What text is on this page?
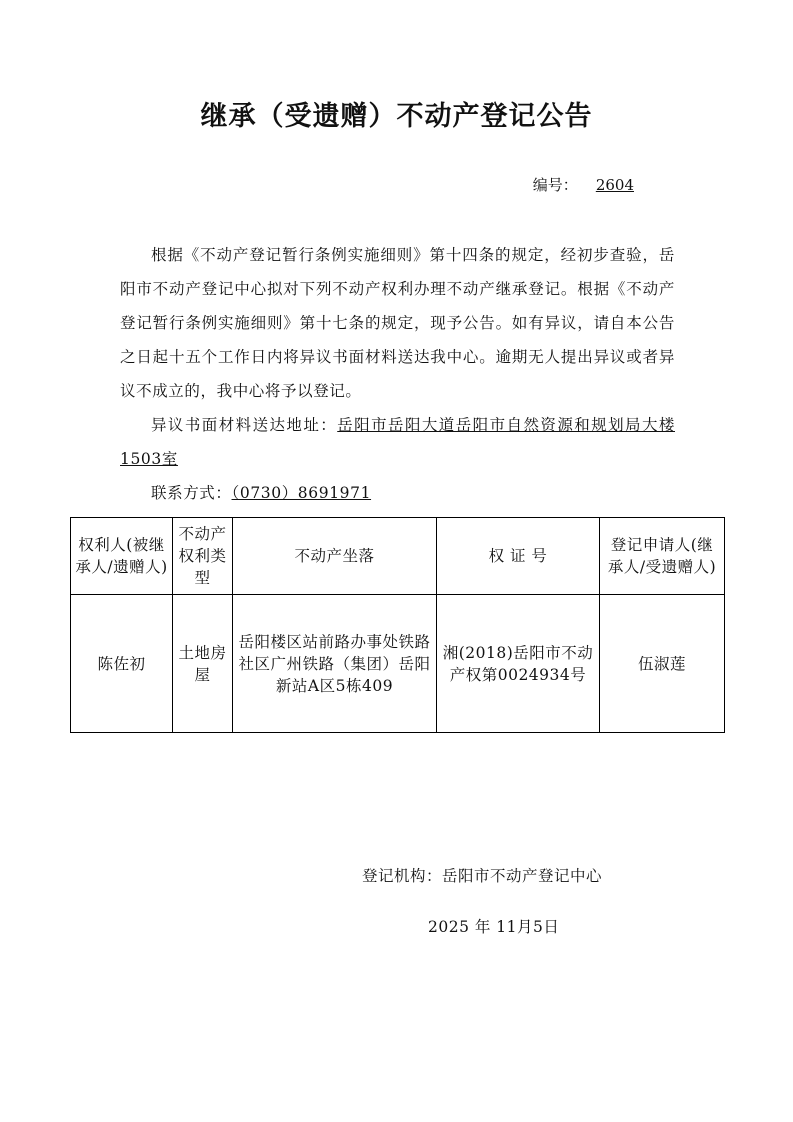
继承（受遗赠）不动产登记公告
编号： 2604

根据《不动产登记暂行条例实施细则》第十四条的规定，经初步查验，岳阳市不动产登记中心拟对下列不动产权利办理不动产继承登记。根据《不动产登记暂行条例实施细则》第十七条的规定，现予公告。如有异议，请自本公告之日起十五个工作日内将异议书面材料送达我中心。逾期无人提出异议或者异议不成立的，我中心将予以登记。

异议书面材料送达地址：岳阳市岳阳大道岳阳市自然资源和规划局大楼1503室

联系方式：（0730）8691971

权利人(被继承人/遗赠人)	不动产权利类型	不动产坐落	权 证 号	登记申请人(继承人/受遗赠人)
陈佐初	土地房屋	岳阳楼区站前路办事处铁路社区广州铁路（集团）岳阳新站A区5栋409	湘(2018)岳阳市不动产权第0024934号	伍淑莲
登记机构：岳阳市不动产登记中心
2025 年 11月5日
